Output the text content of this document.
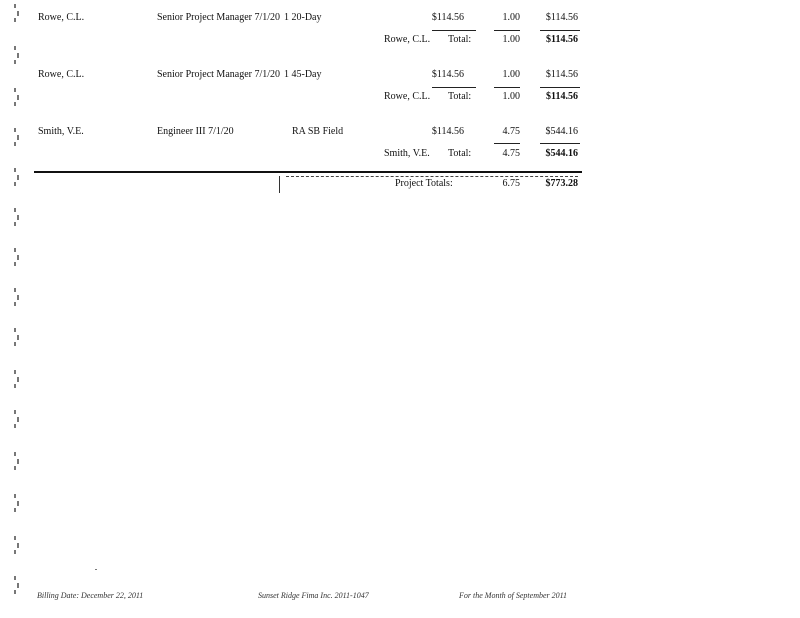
Rowe, C.L.	Senior Project Manager 7/1/20 1 20-Day	$114.56	1.00	$114.56
Rowe, C.L. Total:	1.00	$114.56
Rowe, C.L.	Senior Project Manager 7/1/20 1 45-Day	$114.56	1.00	$114.56
Rowe, C.L. Total:	1.00	$114.56
Smith, V.E.	Engineer III 7/1/20	RA SB Field	$114.56	4.75	$544.16
Smith, V.E. Total:	4.75	$544.16
Project Totals:	6.75	$773.28
Billing Date: December 22, 2011	Sunset Ridge Fima Inc. 2011-1047	For the Month of September 2011
